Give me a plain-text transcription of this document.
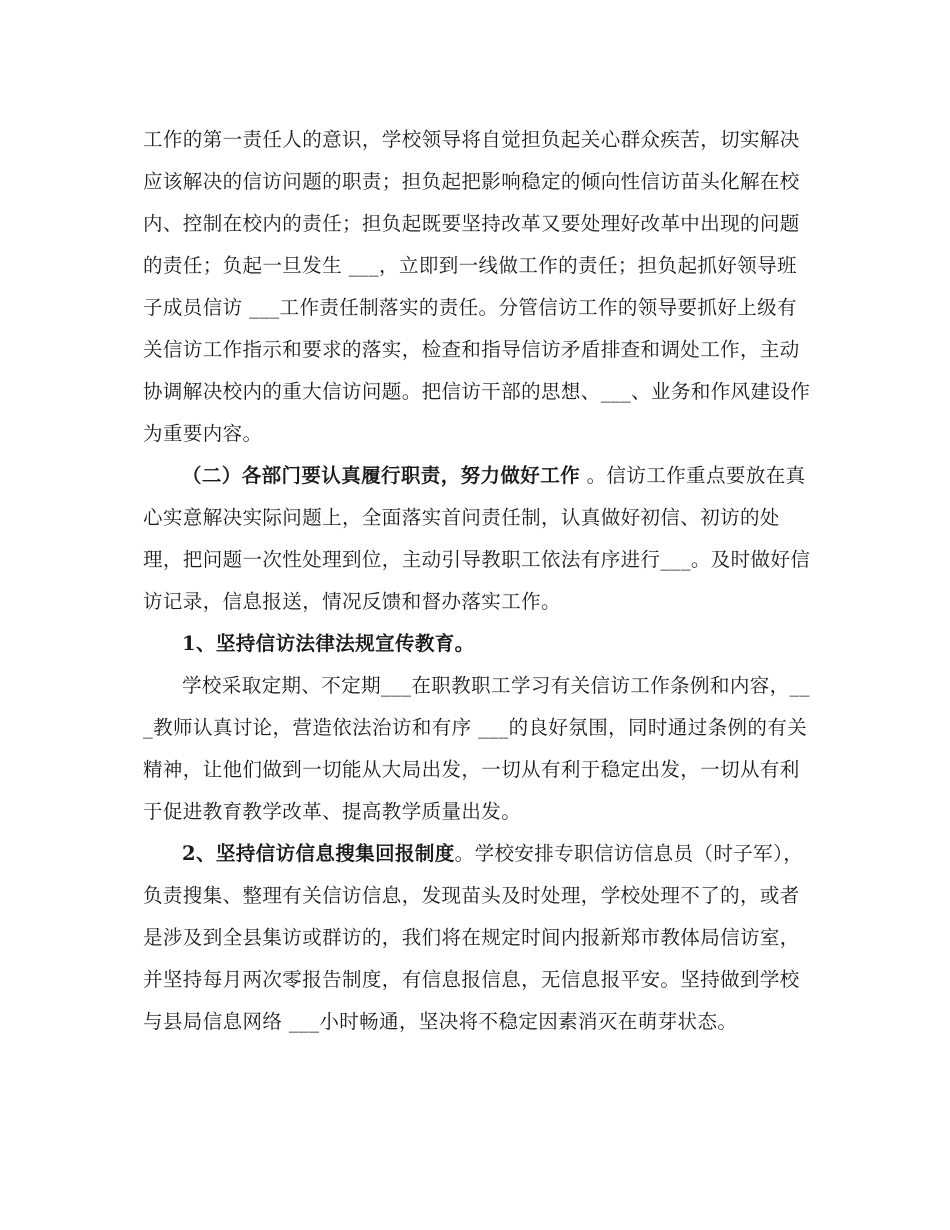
工作的第一责任人的意识，学校领导将自觉担负起关心群众疾苦，切实解决应该解决的信访问题的职责；担负起把影响稳定的倾向性信访苗头化解在校内、控制在校内的责任；担负起既要坚持改革又要处理好改革中出现的问题的责任；负起一旦发生 ___，立即到一线做工作的责任；担负起抓好领导班子成员信访 ___工作责任制落实的责任。分管信访工作的领导要抓好上级有关信访工作指示和要求的落实，检查和指导信访矛盾排查和调处工作，主动协调解决校内的重大信访问题。把信访干部的思想、___、业务和作风建设作为重要内容。

（二）各部门要认真履行职责，努力做好工作 。信访工作重点要放在真心实意解决实际问题上，全面落实首问责任制，认真做好初信、初访的处理，把问题一次性处理到位，主动引导教职工依法有序进行___。及时做好信访记录，信息报送，情况反馈和督办落实工作。

1、坚持信访法律法规宣传教育。

学校采取定期、不定期___在职教职工学习有关信访工作条例和内容，___教师认真讨论，营造依法治访和有序 ___的良好氛围，同时通过条例的有关精神，让他们做到一切能从大局出发，一切从有利于稳定出发，一切从有利于促进教育教学改革、提高教学质量出发。

2、坚持信访信息搜集回报制度。学校安排专职信访信息员（时子军），负责搜集、整理有关信访信息，发现苗头及时处理，学校处理不了的，或者是涉及到全县集访或群访的，我们将在规定时间内报新郑市教体局信访室，并坚持每月两次零报告制度，有信息报信息，无信息报平安。坚持做到学校与县局信息网络 ___小时畅通，坚决将不稳定因素消灭在萌芽状态。
